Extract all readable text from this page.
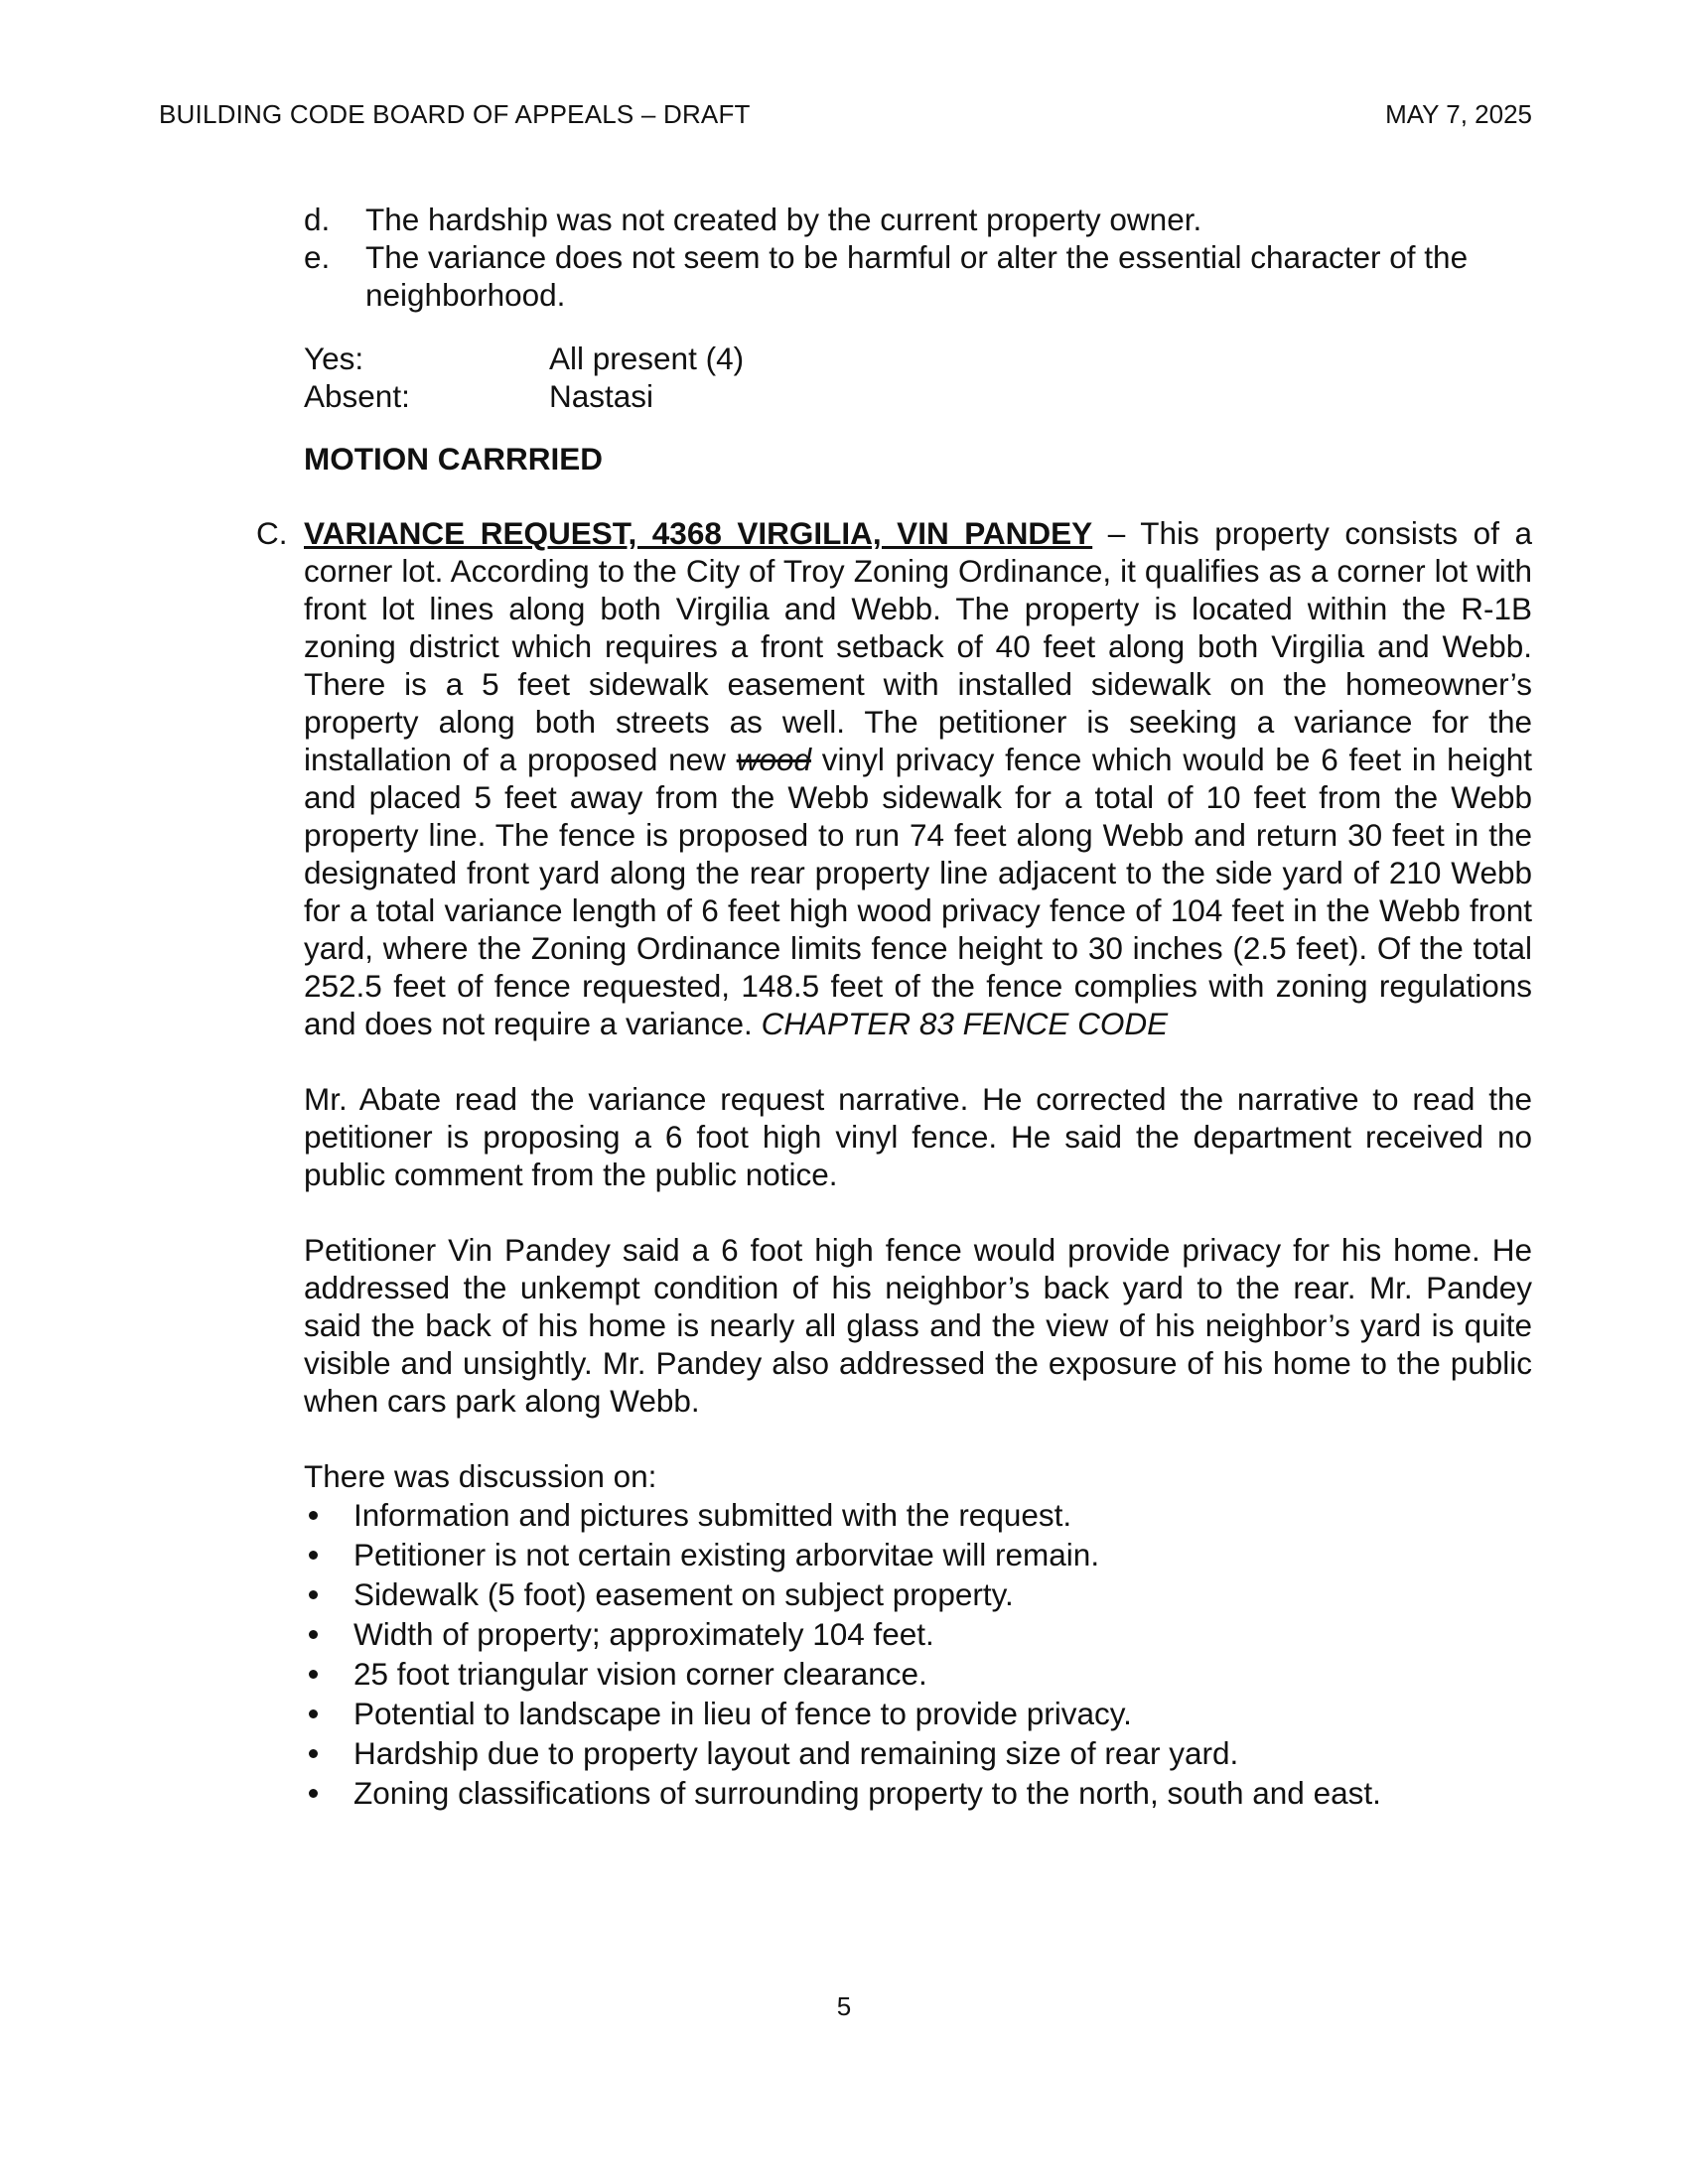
BUILDING CODE BOARD OF APPEALS – DRAFT	MAY 7, 2025
d. The hardship was not created by the current property owner.
e. The variance does not seem to be harmful or alter the essential character of the neighborhood.
Yes:	All present (4)
Absent:	Nastasi
MOTION CARRRIED
C. VARIANCE REQUEST, 4368 VIRGILIA, VIN PANDEY – This property consists of a corner lot. According to the City of Troy Zoning Ordinance, it qualifies as a corner lot with front lot lines along both Virgilia and Webb. The property is located within the R-1B zoning district which requires a front setback of 40 feet along both Virgilia and Webb. There is a 5 feet sidewalk easement with installed sidewalk on the homeowner’s property along both streets as well. The petitioner is seeking a variance for the installation of a proposed new wood vinyl privacy fence which would be 6 feet in height and placed 5 feet away from the Webb sidewalk for a total of 10 feet from the Webb property line. The fence is proposed to run 74 feet along Webb and return 30 feet in the designated front yard along the rear property line adjacent to the side yard of 210 Webb for a total variance length of 6 feet high wood privacy fence of 104 feet in the Webb front yard, where the Zoning Ordinance limits fence height to 30 inches (2.5 feet). Of the total 252.5 feet of fence requested, 148.5 feet of the fence complies with zoning regulations and does not require a variance. CHAPTER 83 FENCE CODE
Mr. Abate read the variance request narrative. He corrected the narrative to read the petitioner is proposing a 6 foot high vinyl fence. He said the department received no public comment from the public notice.
Petitioner Vin Pandey said a 6 foot high fence would provide privacy for his home. He addressed the unkempt condition of his neighbor’s back yard to the rear. Mr. Pandey said the back of his home is nearly all glass and the view of his neighbor’s yard is quite visible and unsightly. Mr. Pandey also addressed the exposure of his home to the public when cars park along Webb.
There was discussion on:
Information and pictures submitted with the request.
Petitioner is not certain existing arborvitae will remain.
Sidewalk (5 foot) easement on subject property.
Width of property; approximately 104 feet.
25 foot triangular vision corner clearance.
Potential to landscape in lieu of fence to provide privacy.
Hardship due to property layout and remaining size of rear yard.
Zoning classifications of surrounding property to the north, south and east.
5
